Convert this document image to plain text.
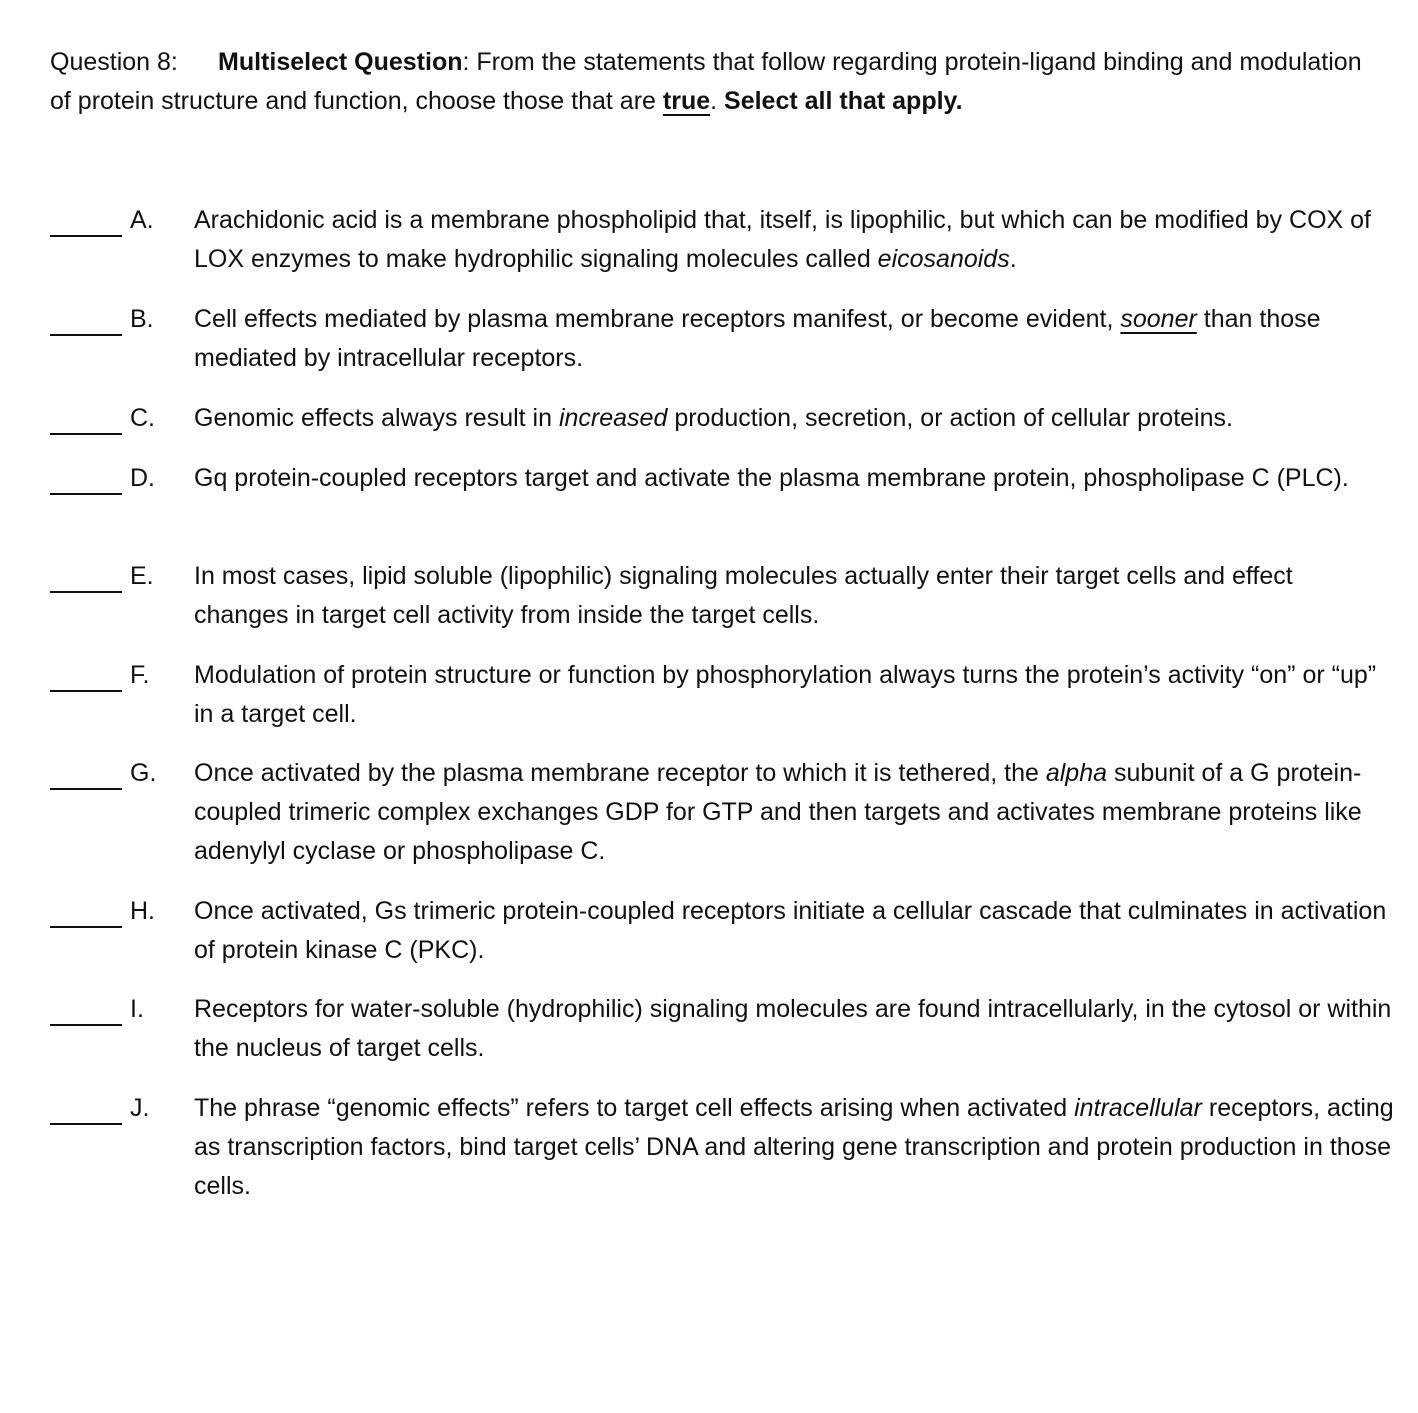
Question 8: Multiselect Question: From the statements that follow regarding protein-ligand binding and modulation of protein structure and function, choose those that are true. Select all that apply.
A. Arachidonic acid is a membrane phospholipid that, itself, is lipophilic, but which can be modified by COX of LOX enzymes to make hydrophilic signaling molecules called eicosanoids.
B. Cell effects mediated by plasma membrane receptors manifest, or become evident, sooner than those mediated by intracellular receptors.
C. Genomic effects always result in increased production, secretion, or action of cellular proteins.
D. Gq protein-coupled receptors target and activate the plasma membrane protein, phospholipase C (PLC).
E. In most cases, lipid soluble (lipophilic) signaling molecules actually enter their target cells and effect changes in target cell activity from inside the target cells.
F. Modulation of protein structure or function by phosphorylation always turns the protein’s activity “on” or “up” in a target cell.
G. Once activated by the plasma membrane receptor to which it is tethered, the alpha subunit of a G protein-coupled trimeric complex exchanges GDP for GTP and then targets and activates membrane proteins like adenylyl cyclase or phospholipase C.
H. Once activated, Gs trimeric protein-coupled receptors initiate a cellular cascade that culminates in activation of protein kinase C (PKC).
I. Receptors for water-soluble (hydrophilic) signaling molecules are found intracellularly, in the cytosol or within the nucleus of target cells.
J. The phrase “genomic effects” refers to target cell effects arising when activated intracellular receptors, acting as transcription factors, bind target cells’ DNA and altering gene transcription and protein production in those cells.
